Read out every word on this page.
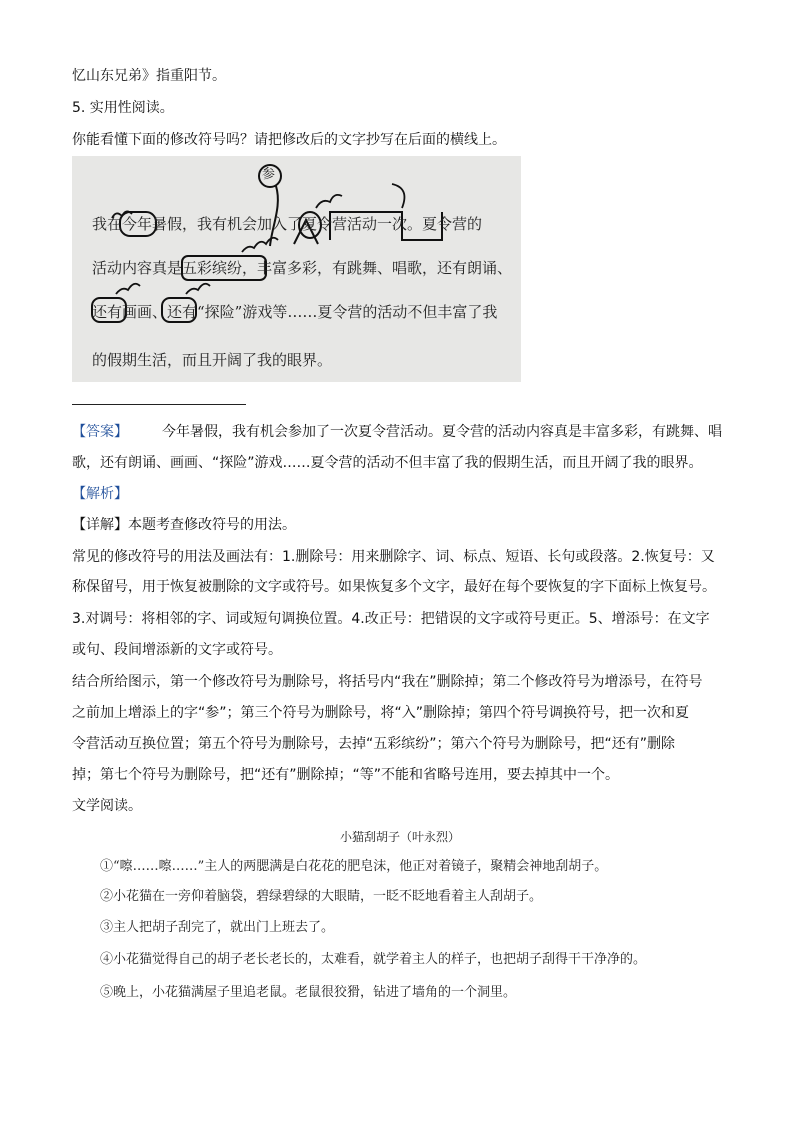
忆山东兄弟》指重阳节。
5. 实用性阅读。
你能看懂下面的修改符号吗？请把修改后的文字抄写在后面的横线上。
参
我在今年暑假，我有机会加入了夏令营活动一次。夏令营的
活动内容真是五彩缤纷，丰富多彩，有跳舞、唱歌，还有朗诵、
还有画画、还有“探险”游戏等……夏令营的活动不但丰富了我
的假期生活，而且开阔了我的眼界。
【答案】 今年暑假，我有机会参加了一次夏令营活动。夏令营的活动内容真是丰富多彩，有跳舞、唱
歌，还有朗诵、画画、“探险”游戏……夏令营的活动不但丰富了我的假期生活，而且开阔了我的眼界。
【解析】
【详解】本题考查修改符号的用法。
常见的修改符号的用法及画法有：1.删除号：用来删除字、词、标点、短语、长句或段落。2.恢复号：又
称保留号，用于恢复被删除的文字或符号。如果恢复多个文字，最好在每个要恢复的字下面标上恢复号。
3.对调号：将相邻的字、词或短句调换位置。4.改正号：把错误的文字或符号更正。5、增添号：在文字
或句、段间增添新的文字或符号。
结合所给图示，第一个修改符号为删除号，将括号内“我在”删除掉；第二个修改符号为增添号，在符号
之前加上增添上的字“参”；第三个符号为删除号，将“入”删除掉；第四个符号调换符号，把一次和夏
令营活动互换位置；第五个符号为删除号，去掉“五彩缤纷”；第六个符号为删除号，把“还有”删除
掉；第七个符号为删除号，把“还有”删除掉；“等”不能和省略号连用，要去掉其中一个。
文学阅读。
小猫刮胡子（叶永烈）
①“嚓……嚓……”主人的两腮满是白花花的肥皂沫，他正对着镜子，聚精会神地刮胡子。
②小花猫在一旁仰着脑袋，碧绿碧绿的大眼睛，一眨不眨地看着主人刮胡子。
③主人把胡子刮完了，就出门上班去了。
④小花猫觉得自己的胡子老长老长的，太难看，就学着主人的样子，也把胡子刮得干干净净的。
⑤晚上，小花猫满屋子里追老鼠。老鼠很狡猾，钻进了墙角的一个洞里。
